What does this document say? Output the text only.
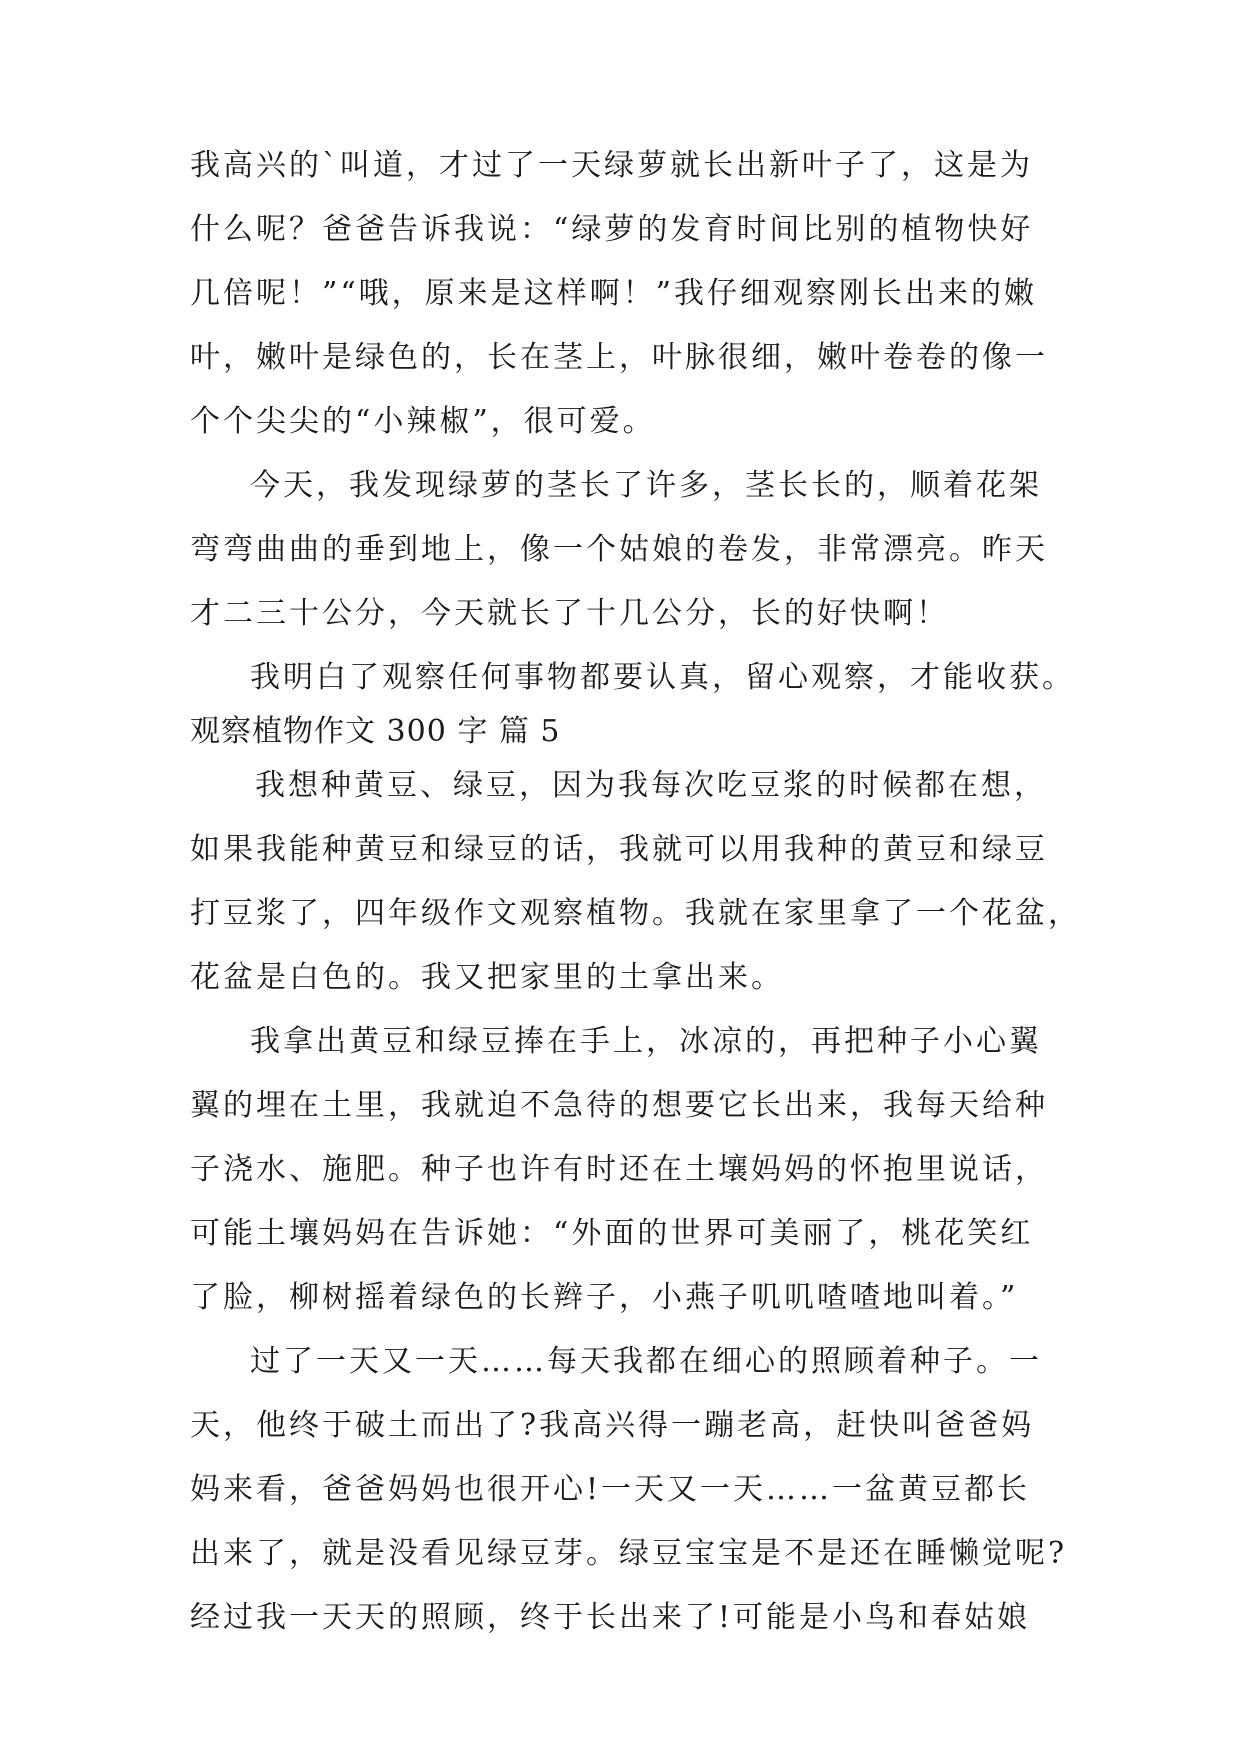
我高兴的`叫道，才过了一天绿萝就长出新叶子了，这是为
什么呢？爸爸告诉我说：“绿萝的发育时间比别的植物快好
几倍呢！”“哦，原来是这样啊！”我仔细观察刚长出来的嫩
叶，嫩叶是绿色的，长在茎上，叶脉很细，嫩叶卷卷的像一
个个尖尖的“小辣椒”，很可爱。
今天，我发现绿萝的茎长了许多，茎长长的，顺着花架
弯弯曲曲的垂到地上，像一个姑娘的卷发，非常漂亮。昨天
才二三十公分，今天就长了十几公分，长的好快啊！
我明白了观察任何事物都要认真，留心观察，才能收获。
观察植物作文 300 字 篇 5
我想种黄豆、绿豆，因为我每次吃豆浆的时候都在想，
如果我能种黄豆和绿豆的话，我就可以用我种的黄豆和绿豆
打豆浆了，四年级作文观察植物。我就在家里拿了一个花盆，
花盆是白色的。我又把家里的土拿出来。
我拿出黄豆和绿豆捧在手上，冰凉的，再把种子小心翼
翼的埋在土里，我就迫不急待的想要它长出来，我每天给种
子浇水、施肥。种子也许有时还在土壤妈妈的怀抱里说话，
可能土壤妈妈在告诉她：“外面的世界可美丽了，桃花笑红
了脸，柳树摇着绿色的长辫子，小燕子叽叽喳喳地叫着。”
过了一天又一天……每天我都在细心的照顾着种子。一
天，他终于破土而出了?我高兴得一蹦老高，赶快叫爸爸妈
妈来看，爸爸妈妈也很开心!一天又一天……一盆黄豆都长
出来了，就是没看见绿豆芽。绿豆宝宝是不是还在睡懒觉呢?
经过我一天天的照顾，终于长出来了!可能是小鸟和春姑娘
